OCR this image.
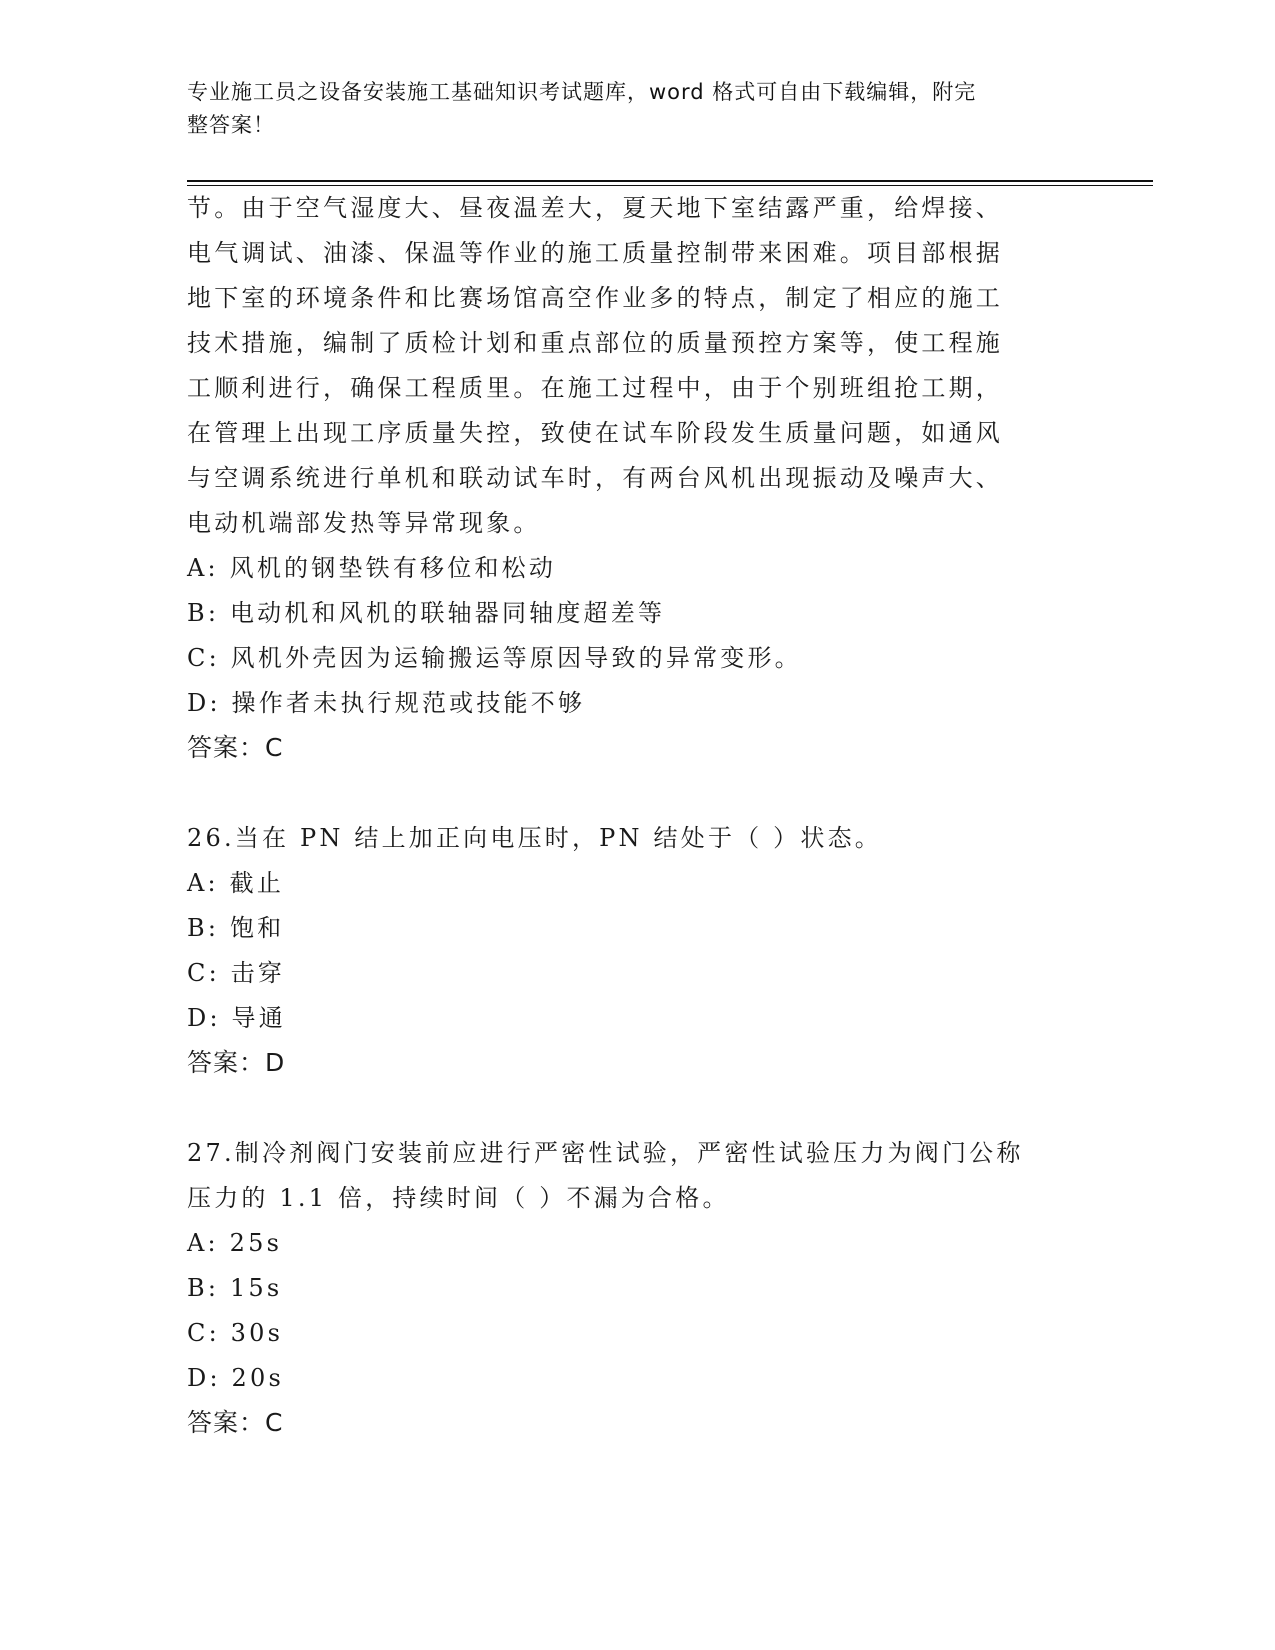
专业施工员之设备安装施工基础知识考试题库，word 格式可自由下载编辑，附完
整答案！
节。由于空气湿度大、昼夜温差大，夏天地下室结露严重，给焊接、
电气调试、油漆、保温等作业的施工质量控制带来困难。项目部根据
地下室的环境条件和比赛场馆高空作业多的特点，制定了相应的施工
技术措施，编制了质检计划和重点部位的质量预控方案等，使工程施
工顺利进行，确保工程质里。在施工过程中，由于个别班组抢工期，
在管理上出现工序质量失控，致使在试车阶段发生质量问题，如通风
与空调系统进行单机和联动试车时，有两台风机出现振动及噪声大、
电动机端部发热等异常现象。
A: 风机的钢垫铁有移位和松动
B: 电动机和风机的联轴器同轴度超差等
C: 风机外壳因为运输搬运等原因导致的异常变形。
D: 操作者未执行规范或技能不够
答案：C
26.当在 PN 结上加正向电压时，PN 结处于（ ）状态。
A: 截止
B: 饱和
C: 击穿
D: 导通
答案：D
27.制冷剂阀门安装前应进行严密性试验，严密性试验压力为阀门公称
压力的 1.1 倍，持续时间（ ）不漏为合格。
A: 25s
B: 15s
C: 30s
D: 20s
答案：C
